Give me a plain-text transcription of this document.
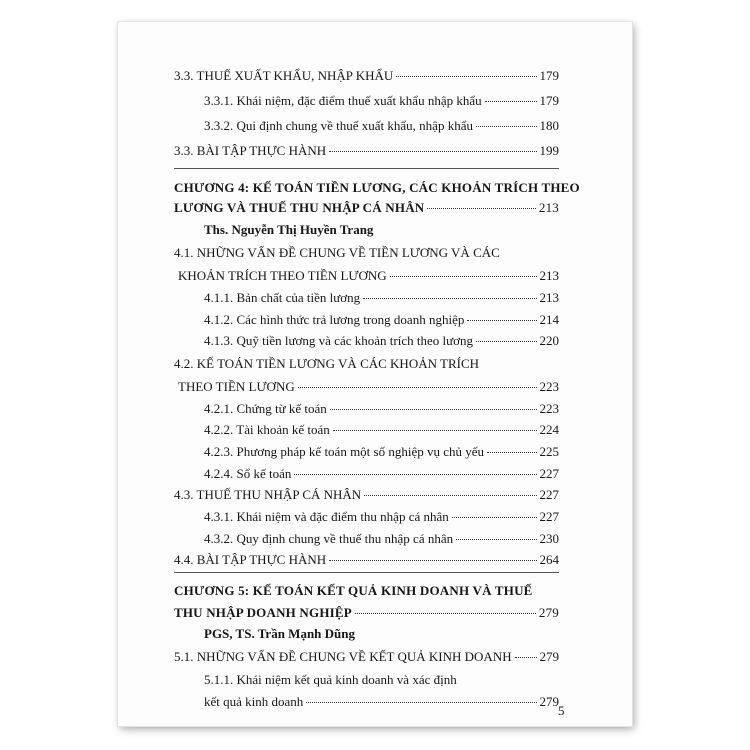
3.3. THUẾ XUẤT KHẨU, NHẬP KHẨU	179
3.3.1. Khái niệm, đặc điểm thuế xuất khẩu nhập khẩu	179
3.3.2. Qui định chung về thuế xuất khẩu, nhập khẩu	180
3.3. BÀI TẬP THỰC HÀNH	199
CHƯƠNG 4: KẾ TOÁN TIỀN LƯƠNG, CÁC KHOẢN TRÍCH THEO
LƯƠNG VÀ THUẾ THU NHẬP CÁ NHÂN	213
Ths. Nguyễn Thị Huyền Trang
4.1. NHỮNG VẤN ĐỀ CHUNG VỀ TIỀN LƯƠNG VÀ CÁC
KHOẢN TRÍCH THEO TIỀN LƯƠNG	213
4.1.1. Bản chất của tiền lương	213
4.1.2. Các hình thức trả lương trong doanh nghiệp	214
4.1.3. Quỹ tiền lương và các khoản trích theo lương	220
4.2. KẾ TOÁN TIỀN LƯƠNG VÀ CÁC KHOẢN TRÍCH
THEO TIỀN LƯƠNG	223
4.2.1. Chứng từ kế toán	223
4.2.2. Tài khoản kế toán	224
4.2.3. Phương pháp kế toán một số nghiệp vụ chủ yếu	225
4.2.4. Sổ kế toán	227
4.3. THUẾ THU NHẬP CÁ NHÂN	227
4.3.1. Khái niệm và đặc điểm thu nhập cá nhân	227
4.3.2. Quy định chung về thuế thu nhập cá nhân	230
4.4. BÀI TẬP THỰC HÀNH	264
CHƯƠNG 5: KẾ TOÁN KẾT QUẢ KINH DOANH VÀ THUẾ
THU NHẬP DOANH NGHIỆP	279
PGS, TS. Trần Mạnh Dũng
5.1. NHỮNG VẤN ĐỀ CHUNG VỀ KẾT QUẢ KINH DOANH 279
5.1.1. Khái niệm kết quả kinh doanh và xác định
kết quả kinh doanh	279
5
